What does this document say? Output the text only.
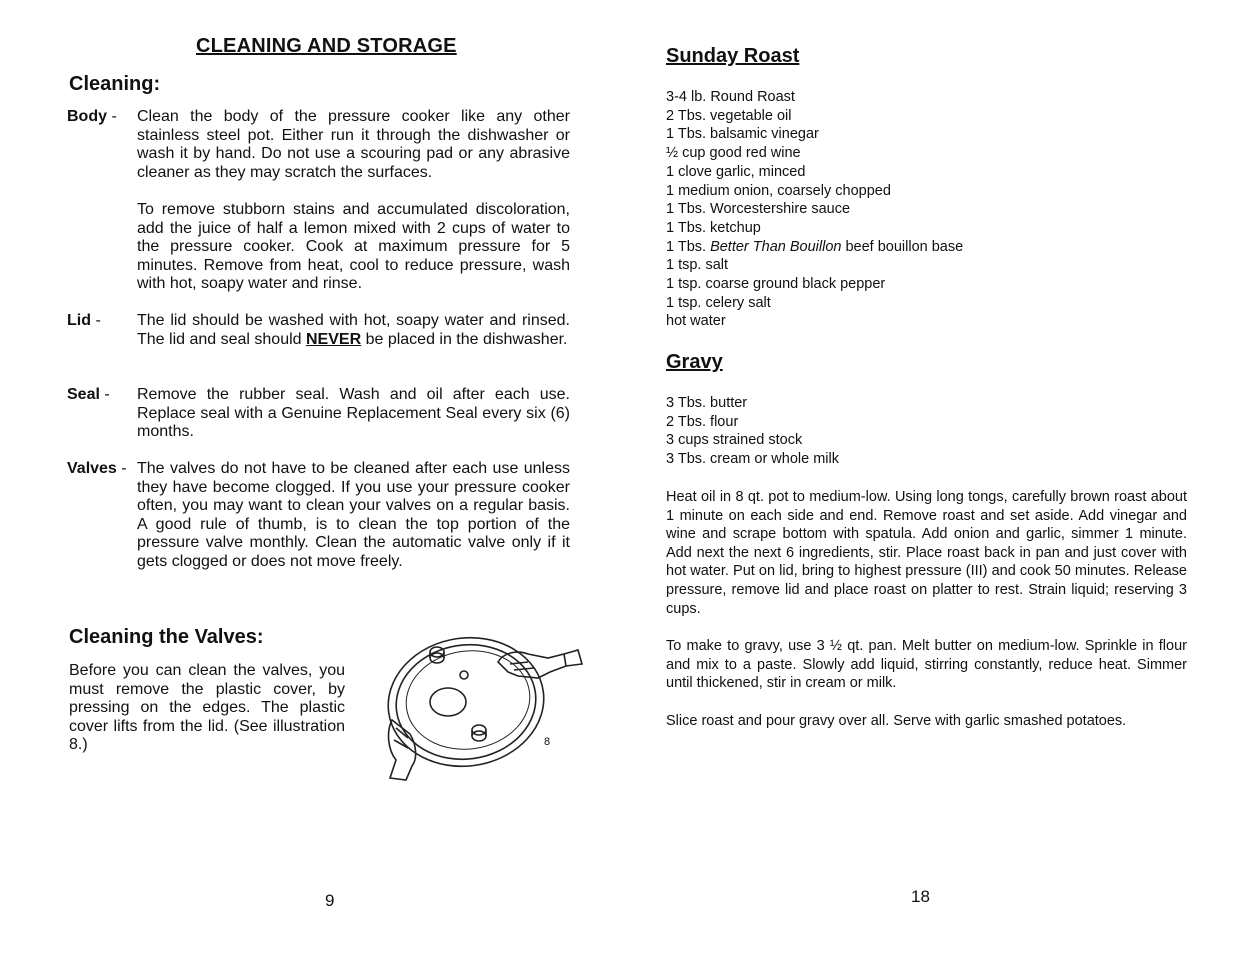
CLEANING AND STORAGE
Cleaning:
Body - Clean the body of the pressure cooker like any other stainless steel pot. Either run it through the dishwasher or wash it by hand. Do not use a scouring pad or any abrasive cleaner as they may scratch the surfaces.
To remove stubborn stains and accumulated discoloration, add the juice of half a lemon mixed with 2 cups of water to the pressure cooker. Cook at maximum pressure for 5 minutes. Remove from heat, cool to reduce pressure, wash with hot, soapy water and rinse.
Lid - The lid should be washed with hot, soapy water and rinsed. The lid and seal should NEVER be placed in the dishwasher.
Seal - Remove the rubber seal. Wash and oil after each use. Replace seal with a Genuine Replacement Seal every six (6) months.
Valves - The valves do not have to be cleaned after each use unless they have become clogged. If you use your pressure cooker often, you may want to clean your valves on a regular basis. A good rule of thumb, is to clean the top portion of the pressure valve monthly. Clean the automatic valve only if it gets clogged or does not move freely.
Cleaning the Valves:
Before you can clean the valves, you must remove the plastic cover, by pressing on the edges. The plastic cover lifts from the lid. (See illustration 8.)	8
9
Sunday Roast
3-4 lb. Round Roast
2 Tbs. vegetable oil
1 Tbs. balsamic vinegar
½ cup good red wine
1 clove garlic, minced
1 medium onion, coarsely chopped
1 Tbs. Worcestershire sauce
1 Tbs. ketchup
1 Tbs. Better Than Bouillon beef bouillon base
1 tsp. salt
1 tsp. coarse ground black pepper
1 tsp. celery salt
hot water
Gravy
3 Tbs. butter
2 Tbs. flour
3 cups strained stock
3 Tbs. cream or whole milk
Heat oil in 8 qt. pot to medium-low. Using long tongs, carefully brown roast about 1 minute on each side and end. Remove roast and set aside. Add vinegar and wine and scrape bottom with spatula. Add onion and garlic, simmer 1 minute. Add next the next 6 ingredients, stir. Place roast back in pan and just cover with hot water. Put on lid, bring to highest pressure (III) and cook 50 minutes. Release pressure, remove lid and place roast on platter to rest. Strain liquid; reserving 3 cups.
To make to gravy, use 3 ½ qt. pan. Melt butter on medium-low. Sprinkle in flour and mix to a paste. Slowly add liquid, stirring constantly, reduce heat. Simmer until thickened, stir in cream or milk.
Slice roast and pour gravy over all. Serve with garlic smashed potatoes.
18
